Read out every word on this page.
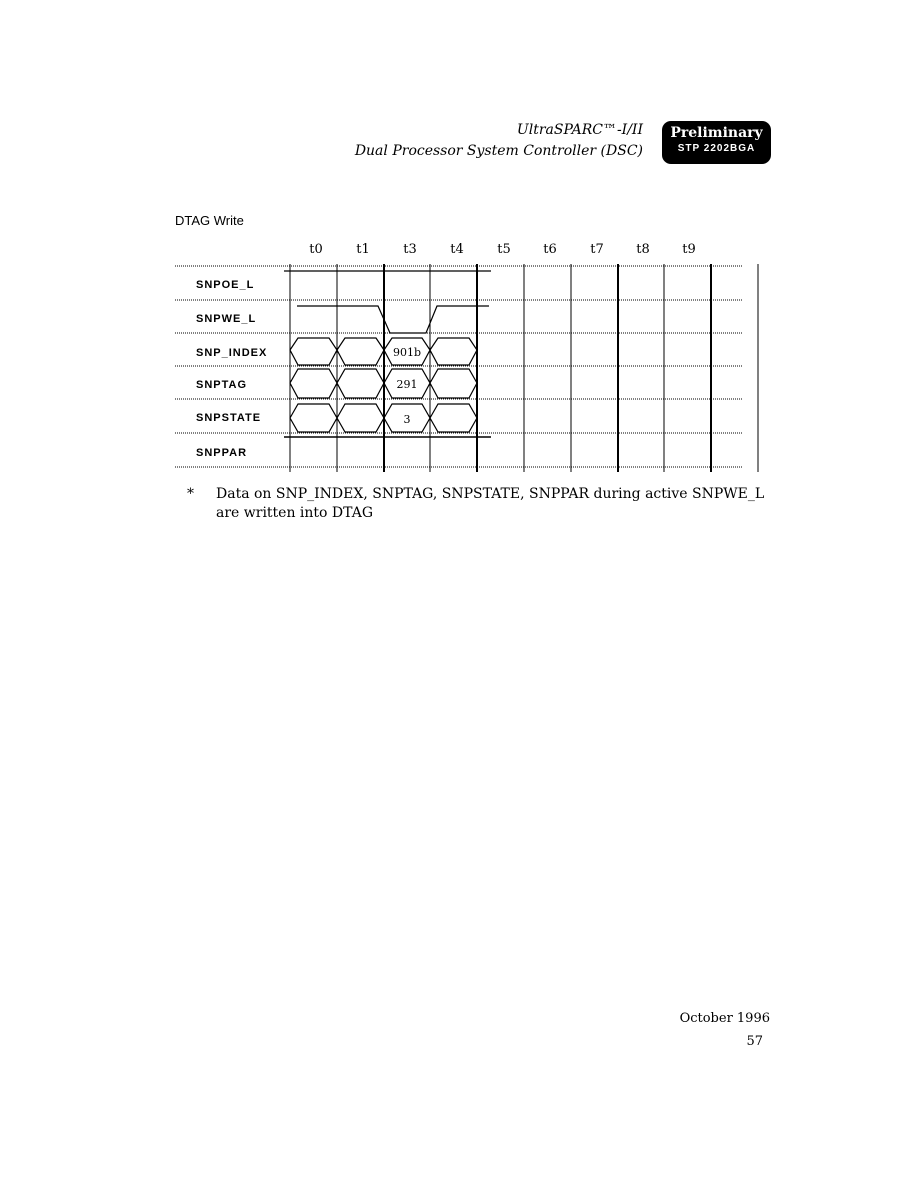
UltraSPARC™-I/II
Dual Processor System Controller (DSC)
Preliminary
STP 2202BGA
DTAG Write
t0	t1	t3	t4	t5	t6	t7	t8	t9
SNPOE_L
SNPWE_L
SNP_INDEX
SNPTAG
SNPSTATE
SNPPAR
901b
291
3
* Data on SNP_INDEX, SNPTAG, SNPSTATE, SNPPAR during active SNPWE_L are written into DTAG
October 1996
57
